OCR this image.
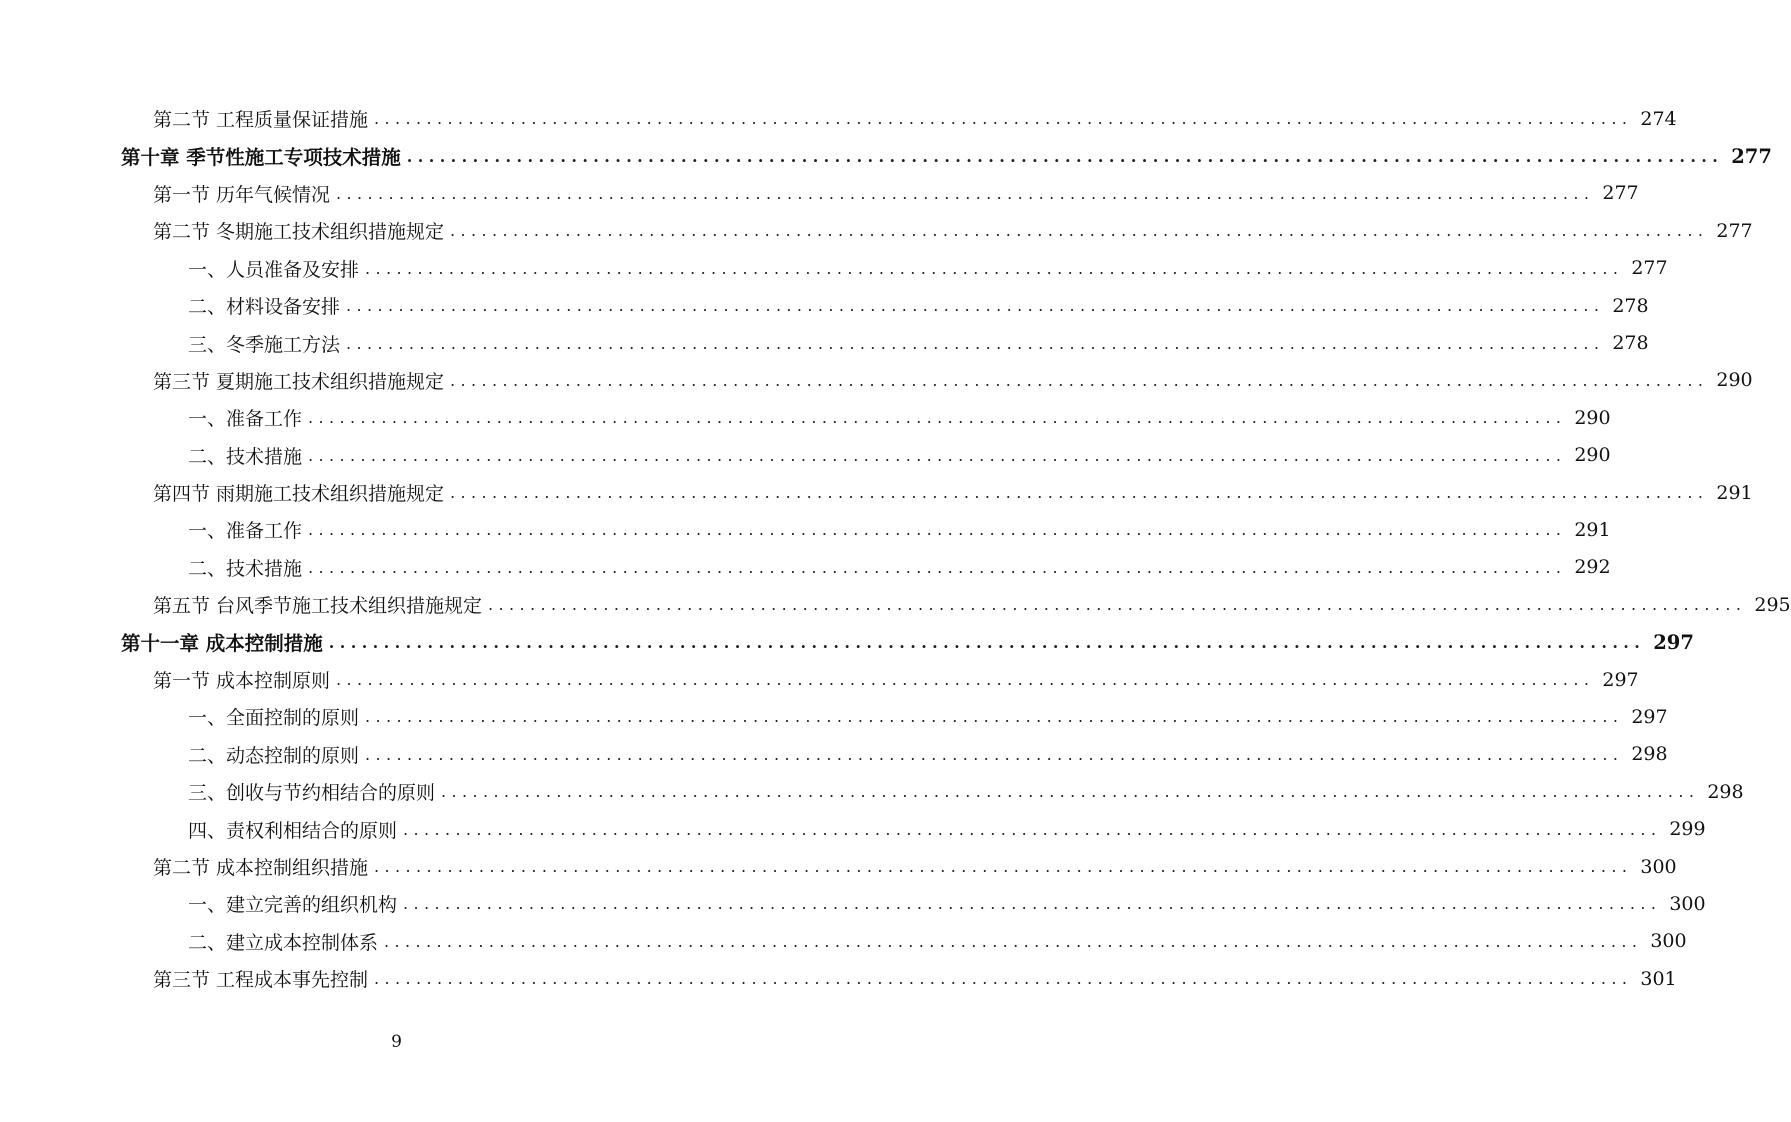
第二节 工程质量保证措施 ........................................................................................................................ 274
第十章 季节性施工专项技术措施 ........................................................................................................................ 277
第一节 历年气候情况 ........................................................................................................................ 277
第二节 冬期施工技术组织措施规定 ........................................................................................................................ 277
一、人员准备及安排 ........................................................................................................................ 277
二、材料设备安排 ........................................................................................................................ 278
三、冬季施工方法 ........................................................................................................................ 278
第三节 夏期施工技术组织措施规定 ........................................................................................................................ 290
一、准备工作 ........................................................................................................................ 290
二、技术措施 ........................................................................................................................ 290
第四节 雨期施工技术组织措施规定 ........................................................................................................................ 291
一、准备工作 ........................................................................................................................ 291
二、技术措施 ........................................................................................................................ 292
第五节 台风季节施工技术组织措施规定 ........................................................................................................................ 295
第十一章 成本控制措施 ........................................................................................................................ 297
第一节 成本控制原则 ........................................................................................................................ 297
一、全面控制的原则 ........................................................................................................................ 297
二、动态控制的原则 ........................................................................................................................ 298
三、创收与节约相结合的原则 ........................................................................................................................ 298
四、责权利相结合的原则 ........................................................................................................................ 299
第二节 成本控制组织措施 ........................................................................................................................ 300
一、建立完善的组织机构 ........................................................................................................................ 300
二、建立成本控制体系 ........................................................................................................................ 300
第三节 工程成本事先控制 ........................................................................................................................ 301
9
